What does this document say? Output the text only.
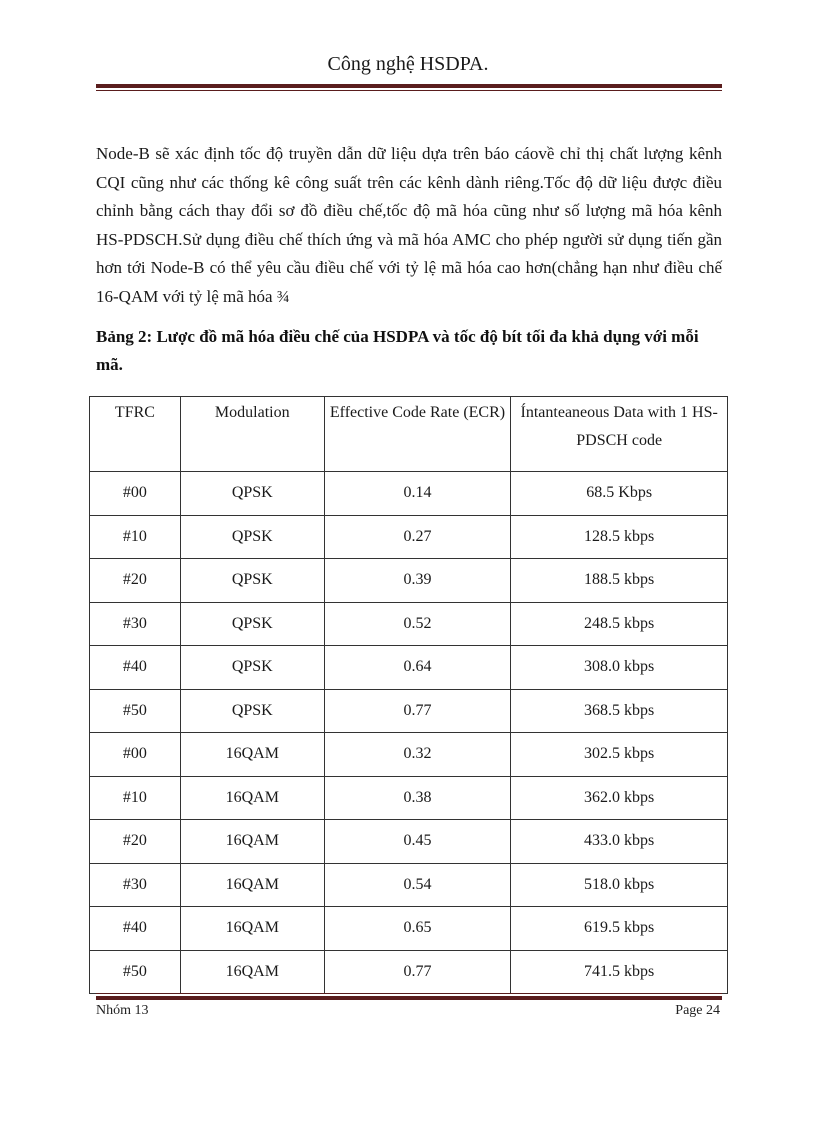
Công nghệ HSDPA.
Node-B sẽ xác định tốc độ truyền dẫn dữ liệu dựa trên báo cáovề chỉ thị chất lượng kênh CQI cũng như các thống kê công suất trên các kênh dành riêng.Tốc độ dữ liệu được điều chỉnh bằng cách thay đổi sơ đồ điều chế,tốc độ mã hóa cũng như số lượng mã hóa kênh HS-PDSCH.Sử dụng điều chế thích ứng và mã hóa AMC cho phép người sử dụng tiến gần hơn tới Node-B có thể yêu cầu điều chế với tỷ lệ mã hóa cao hơn(chẳng hạn như điều chế 16-QAM với tỷ lệ mã hóa ¾
Bảng 2: Lược đồ mã hóa điều chế của HSDPA và tốc độ bít tối đa khả dụng với mỗi mã.
TFRC	Modulation	Effective Code Rate (ECR)	Íntanteaneous Data with 1 HS-PDSCH code
#00	QPSK	0.14	68.5 Kbps
#10	QPSK	0.27	128.5 kbps
#20	QPSK	0.39	188.5 kbps
#30	QPSK	0.52	248.5 kbps
#40	QPSK	0.64	308.0 kbps
#50	QPSK	0.77	368.5 kbps
#00	16QAM	0.32	302.5 kbps
#10	16QAM	0.38	362.0 kbps
#20	16QAM	0.45	433.0 kbps
#30	16QAM	0.54	518.0 kbps
#40	16QAM	0.65	619.5 kbps
#50	16QAM	0.77	741.5 kbps
Nhóm 13	Page 24
